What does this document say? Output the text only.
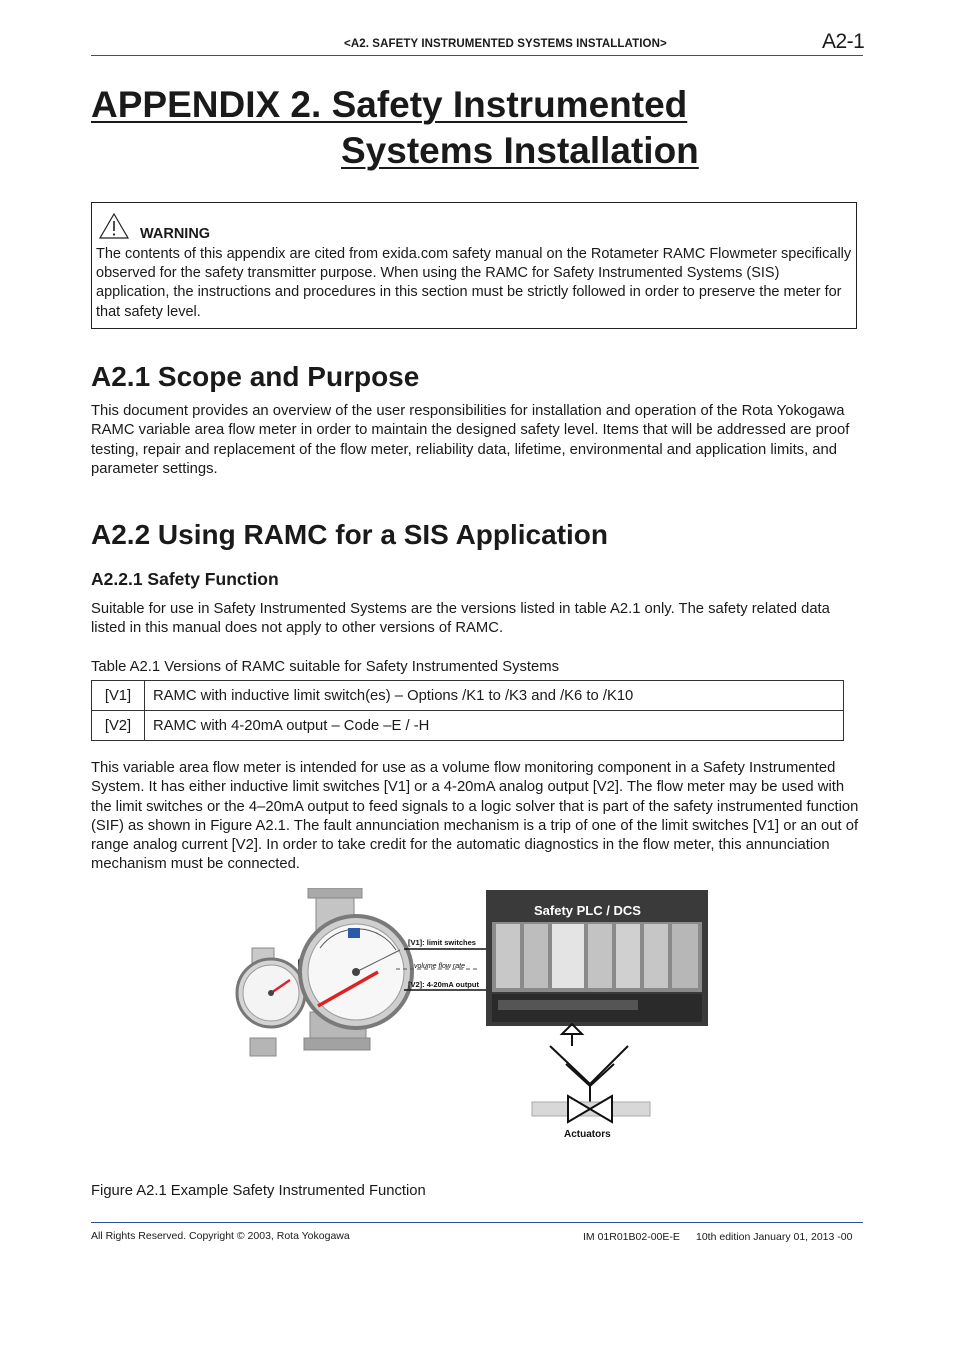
<A2. SAFETY INSTRUMENTED SYSTEMS INSTALLATION>	A2-1
APPENDIX 2. Safety Instrumented
Systems Installation
WARNING
The contents of this appendix are cited from exida.com safety manual on the Rotameter RAMC Flowmeter specifically observed for the safety transmitter purpose. When using the RAMC for Safety Instrumented Systems (SIS) application, the instructions and procedures in this section must be strictly followed in order to preserve the meter for that safety level.
A2.1 Scope and Purpose
This document provides an overview of the user responsibilities for installation and operation of the Rota Yokogawa RAMC variable area flow meter in order to maintain the designed safety level. Items that will be addressed are proof testing, repair and replacement of the flow meter, reliability data, lifetime, environmental and application limits, and parameter settings.
A2.2 Using RAMC for a SIS Application
A2.2.1 Safety Function
Suitable for use in Safety Instrumented Systems are the versions listed in table A2.1 only. The safety related data listed in this manual does not apply to other versions of RAMC.
Table A2.1 Versions of RAMC suitable for Safety Instrumented Systems
[V1]	RAMC with inductive limit switch(es) – Options /K1 to /K3 and /K6 to /K10
[V2]	RAMC with 4-20mA output – Code –E / -H
This variable area flow meter is intended for use as a volume flow monitoring component in a Safety Instrumented System. It has either inductive limit switches [V1] or a 4-20mA analog output [V2]. The flow meter may be used with the limit switches or the 4–20mA output to feed signals to a logic solver that is part of the safety instrumented function (SIF) as shown in Figure A2.1. The fault annunciation mechanism is a trip of one of the limit switches [V1] or an out of range analog current [V2]. In order to take credit for the automatic diagnostics in the flow meter, this annunciation mechanism must be connected.
[V1]: limit switches
volume flow rate
[V2]: 4-20mA output
Safety PLC / DCS
Actuators
Figure A2.1 Example Safety Instrumented Function
All Rights Reserved. Copyright © 2003, Rota Yokogawa	IM 01R01B02-00E-E 10th edition January 01, 2013 -00
